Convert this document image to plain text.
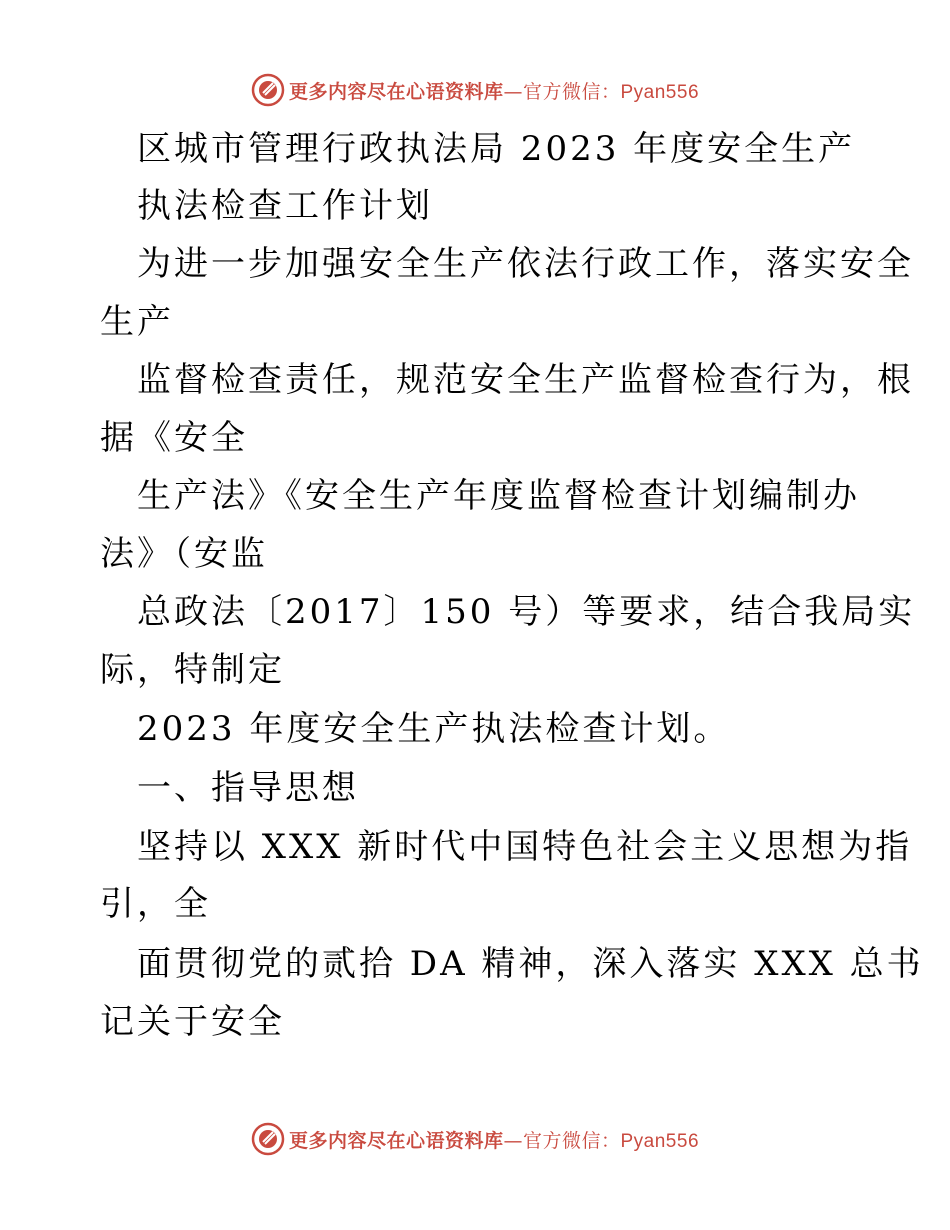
更多内容尽在心语资料库—官方微信：Pyan556
区城市管理行政执法局 2023 年度安全生产
执法检查工作计划
为进一步加强安全生产依法行政工作，落实安全
生产
监督检查责任，规范安全生产监督检查行为，根
据《安全
生产法》《安全生产年度监督检查计划编制办
法》（安监
总政法〔2017〕150 号）等要求，结合我局实
际，特制定
2023 年度安全生产执法检查计划。
一、指导思想
坚持以 XXX 新时代中国特色社会主义思想为指
引，全
面贯彻党的贰拾 DA 精神，深入落实 XXX 总书
记关于安全
更多内容尽在心语资料库—官方微信：Pyan556
